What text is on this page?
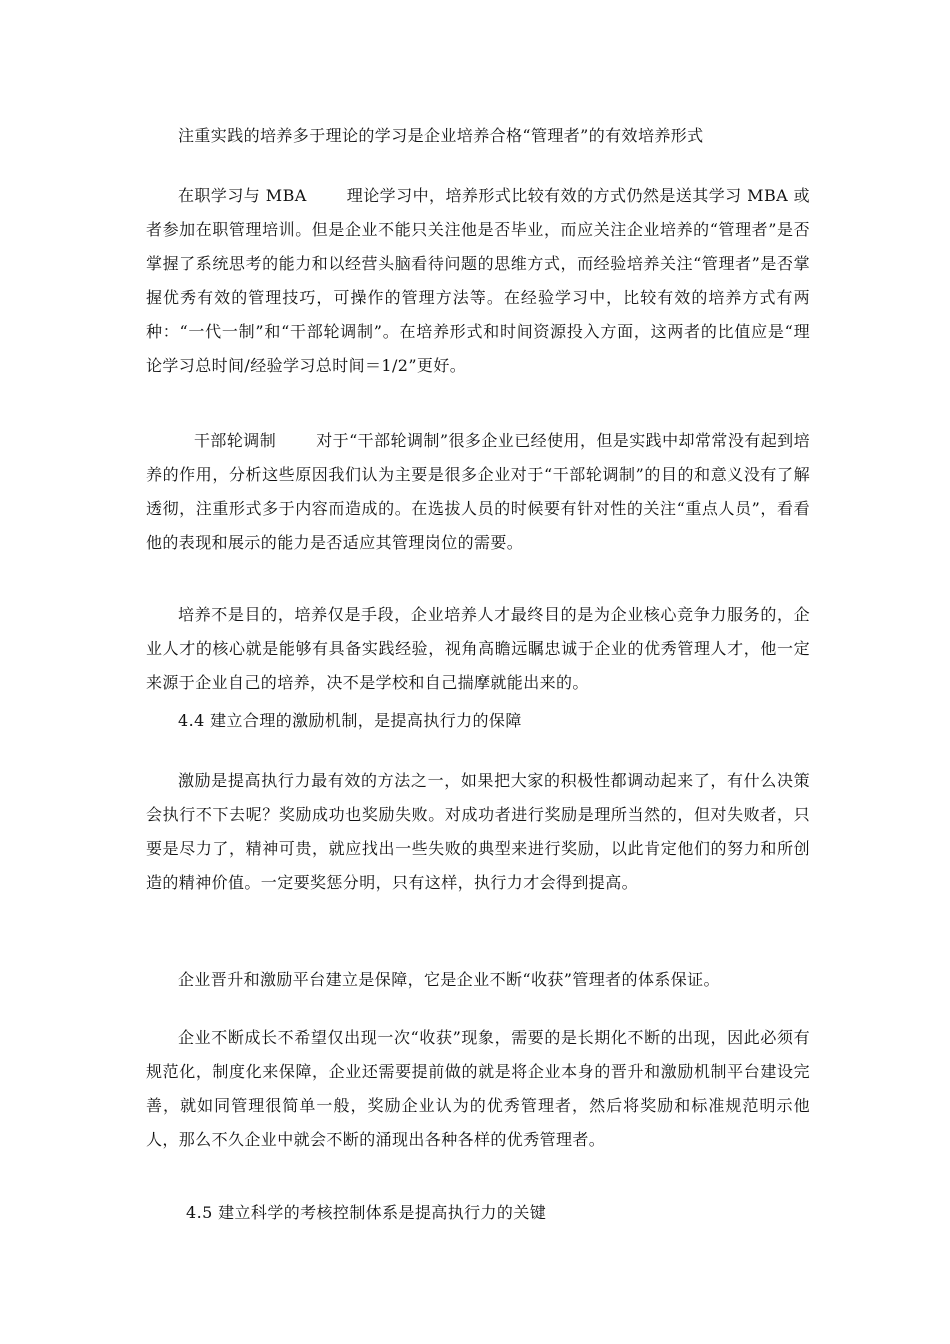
注重实践的培养多于理论的学习是企业培养合格“管理者”的有效培养形式

在职学习与 MBA	理论学习中，培养形式比较有效的方式仍然是送其学习 MBA 或者参加在职管理培训。但是企业不能只关注他是否毕业，而应关注企业培养的“管理者”是否掌握了系统思考的能力和以经营头脑看待问题的思维方式，而经验培养关注“管理者”是否掌握优秀有效的管理技巧，可操作的管理方法等。在经验学习中，比较有效的培养方式有两种：“一代一制”和“干部轮调制”。在培养形式和时间资源投入方面，这两者的比值应是“理论学习总时间/经验学习总时间＝1/2”更好。

干部轮调制	对于“干部轮调制”很多企业已经使用，但是实践中却常常没有起到培养的作用，分析这些原因我们认为主要是很多企业对于“干部轮调制”的目的和意义没有了解透彻，注重形式多于内容而造成的。在选拔人员的时候要有针对性的关注“重点人员”，看看他的表现和展示的能力是否适应其管理岗位的需要。

培养不是目的，培养仅是手段，企业培养人才最终目的是为企业核心竞争力服务的，企业人才的核心就是能够有具备实践经验，视角高瞻远瞩忠诚于企业的优秀管理人才，他一定来源于企业自己的培养，决不是学校和自己揣摩就能出来的。

4.4 建立合理的激励机制，是提高执行力的保障

激励是提高执行力最有效的方法之一，如果把大家的积极性都调动起来了，有什么决策会执行不下去呢？奖励成功也奖励失败。对成功者进行奖励是理所当然的，但对失败者，只要是尽力了，精神可贵，就应找出一些失败的典型来进行奖励，以此肯定他们的努力和所创造的精神价值。一定要奖惩分明，只有这样，执行力才会得到提高。

企业晋升和激励平台建立是保障，它是企业不断“收获”管理者的体系保证。

企业不断成长不希望仅出现一次“收获”现象，需要的是长期化不断的出现，因此必须有规范化，制度化来保障，企业还需要提前做的就是将企业本身的晋升和激励机制平台建设完善，就如同管理很简单一般，奖励企业认为的优秀管理者，然后将奖励和标准规范明示他人，那么不久企业中就会不断的涌现出各种各样的优秀管理者。

4.5 建立科学的考核控制体系是提高执行力的关键
